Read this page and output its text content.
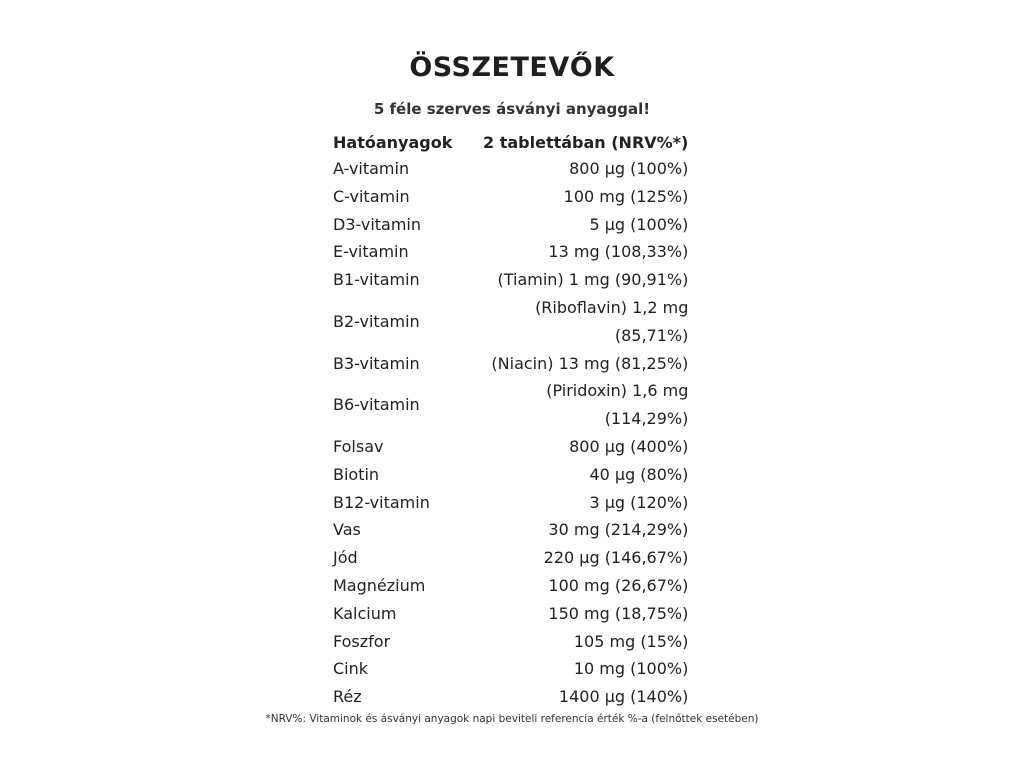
ÖSSZETEVŐK
5 féle szerves ásványi anyaggal!
Hatóanyagok	2 tablettában (NRV%*)
A-vitamin	800 µg (100%)
C-vitamin	100 mg (125%)
D3-vitamin	5 µg (100%)
E-vitamin	13 mg (108,33%)
B1-vitamin	(Tiamin) 1 mg (90,91%)
B2-vitamin	(Riboflavin) 1,2 mg
(85,71%)

B3-vitamin	(Niacin) 13 mg (81,25%)
B6-vitamin	(Piridoxin) 1,6 mg
(114,29%)

Folsav	800 µg (400%)
Biotin	40 µg (80%)
B12-vitamin	3 µg (120%)
Vas	30 mg (214,29%)
Jód	220 µg (146,67%)
Magnézium	100 mg (26,67%)
Kalcium	150 mg (18,75%)
Foszfor	105 mg (15%)
Cink	10 mg (100%)
Réz	1400 µg (140%)
*NRV%: Vitaminok és ásványi anyagok napi beviteli referencia érték %-a (felnőttek esetében)
